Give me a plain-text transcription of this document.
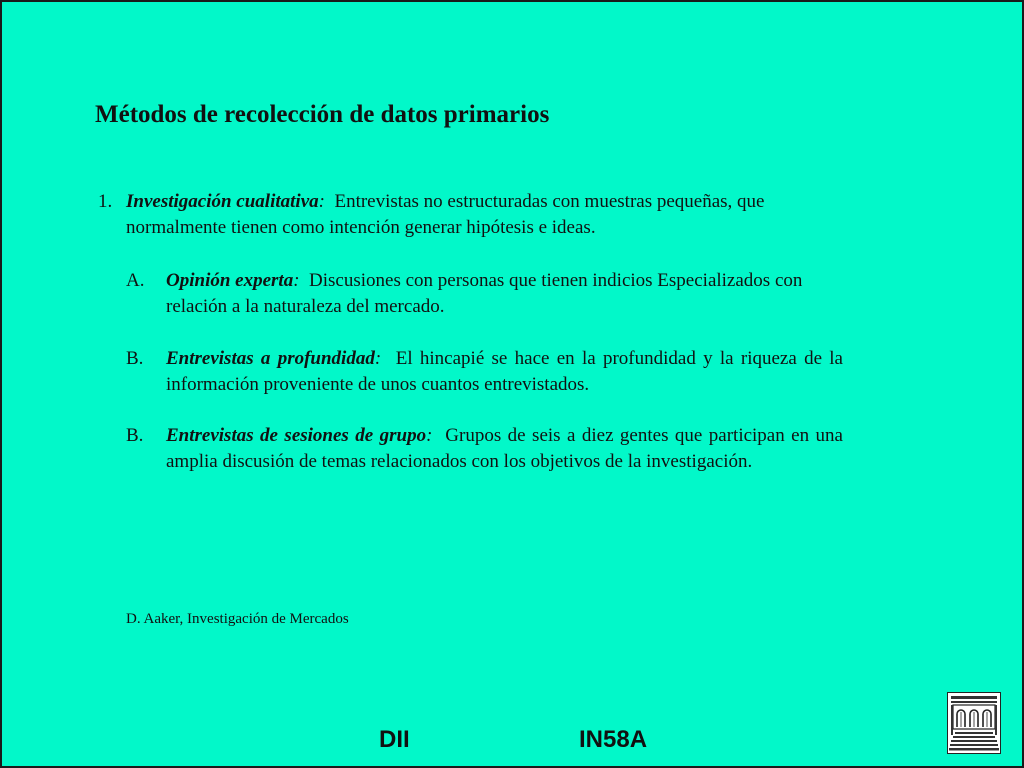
Métodos de recolección de datos primarios
1. Investigación cualitativa: Entrevistas no estructuradas con muestras pequeñas, que normalmente tienen como intención generar hipótesis e ideas.
A. Opinión experta: Discusiones con personas que tienen indicios Especializados con relación a la naturaleza del mercado.
B. Entrevistas a profundidad: El hincapié se hace en la profundidad y la riqueza de la información proveniente de unos cuantos entrevistados.
B. Entrevistas de sesiones de grupo: Grupos de seis a diez gentes que participan en una amplia discusión de temas relacionados con los objetivos de la investigación.
D. Aaker, Investigación de Mercados
DII	IN58A
